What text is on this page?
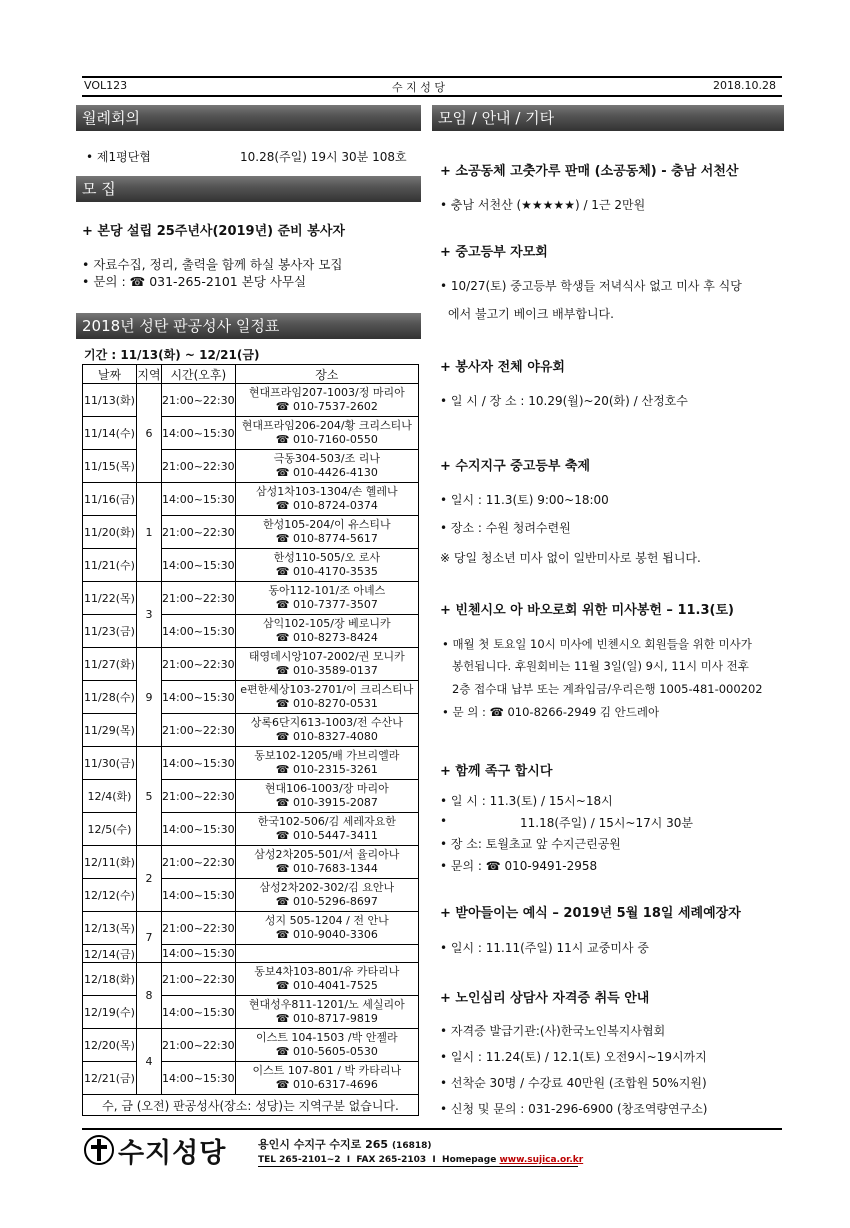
VOL123	수 지 성 당	2018.10.28
월례회의
• 제1평단협	10.28(주일) 19시 30분 108호
모 집
+ 본당 설립 25주년사(2019년) 준비 봉사자
• 자료수집, 정리, 출력을 함께 하실 봉사자 모집
• 문의 : ☎ 031-265-2101 본당 사무실
2018년 성탄 판공성사 일정표
기간 : 11/13(화) ~ 12/21(금)
날짜	지역	시간(오후)	장소
11/13(화)	6	21:00~22:30	현대프라임207-1003/정 마리아
☎ 010-7537-2602

11/14(수)		14:00~15:30	현대프라임206-204/황 크리스티나
☎ 010-7160-0550

11/15(목)		21:00~22:30	극동304-503/조 리나
☎ 010-4426-4130

11/16(금)	1	14:00~15:30	삼성1차103-1304/손 헬레나
☎ 010-8724-0374

11/20(화)		21:00~22:30	한성105-204/이 유스티나
☎ 010-8774-5617

11/21(수)		14:00~15:30	한성110-505/오 로사
☎ 010-4170-3535

11/22(목)	3	21:00~22:30	동아112-101/조 아녜스
☎ 010-7377-3507

11/23(금)		14:00~15:30	삼익102-105/장 베로니카
☎ 010-8273-8424

11/27(화)	9	21:00~22:30	태영데시앙107-2002/권 모니카
☎ 010-3589-0137

11/28(수)		14:00~15:30	e편한세상103-2701/이 크리스티나
☎ 010-8270-0531

11/29(목)		21:00~22:30	상록6단지613-1003/전 수산나
☎ 010-8327-4080

11/30(금)	5	14:00~15:30	동보102-1205/배 가브리엘라
☎ 010-2315-3261

12/4(화)		21:00~22:30	현대106-1003/장 마리아
☎ 010-3915-2087

12/5(수)		14:00~15:30	한국102-506/김 세레자요한
☎ 010-5447-3411

12/11(화)	2	21:00~22:30	삼성2차205-501/서 율리아나
☎ 010-7683-1344

12/12(수)		14:00~15:30	삼성2차202-302/김 요안나
☎ 010-5296-8697

12/13(목)	7	21:00~22:30	성지 505-1204 / 전 안나
☎ 010-9040-3306

12/14(금)		14:00~15:30	

12/18(화)	8	21:00~22:30	동보4차103-801/유 카타리나
☎ 010-4041-7525

12/19(수)		14:00~15:30	현대성우811-1201/노 세실리아
☎ 010-8717-9819

12/20(목)	4	21:00~22:30	이스트 104-1503 /박 안젤라
☎ 010-5605-0530

12/21(금)		14:00~15:30	이스트 107-801 / 박 카타리나
☎ 010-6317-4696

수, 금 (오전) 판공성사(장소: 성당)는 지역구분 없습니다.			
모임 / 안내 / 기타
+ 소공동체 고춧가루 판매 (소공동체) - 충남 서천산
• 충남 서천산 (★★★★★) / 1근 2만원
+ 중고등부 자모회
• 10/27(토) 중고등부 학생들 저녁식사 없고 미사 후 식당
에서 불고기 베이크 배부합니다.
+ 봉사자 전체 야유회
• 일 시 / 장 소 : 10.29(월)~20(화) / 산정호수
+ 수지지구 중고등부 축제
• 일시 : 11.3(토) 9:00~18:00
• 장소 : 수원 청려수련원
※ 당일 청소년 미사 없이 일반미사로 봉헌 됩니다.
+ 빈첸시오 아 바오로회 위한 미사봉헌 – 11.3(토)
• 매월 첫 토요일 10시 미사에 빈첸시오 회원들을 위한 미사가
봉헌됩니다. 후원회비는 11월 3일(일) 9시, 11시 미사 전후
2층 접수대 납부 또는 계좌입금/우리은행 1005-481-000202
• 문 의 : ☎ 010-8266-2949 김 안드레아
+ 함께 족구 합시다
• 일 시 : 11.3(토) / 15시~18시
•	11.18(주일) / 15시~17시 30분
• 장 소: 토월초교 앞 수지근린공원
• 문의 : ☎ 010-9491-2958
+ 받아들이는 예식 – 2019년 5월 18일 세례예장자
• 일시 : 11.11(주일) 11시 교중미사 중
+ 노인심리 상담사 자격증 취득 안내
• 자격증 발급기관:(사)한국노인복지사협회
• 일시 : 11.24(토) / 12.1(토) 오전9시~19시까지
• 선착순 30명 / 수강료 40만원 (조합원 50%지원)
• 신청 및 문의 : 031-296-6900 (창조역량연구소)
수지성당	용인시 수지구 수지로 265 (16818)
TEL 265-2101~2  I  FAX 265-2103  I  Homepage www.sujica.or.kr
